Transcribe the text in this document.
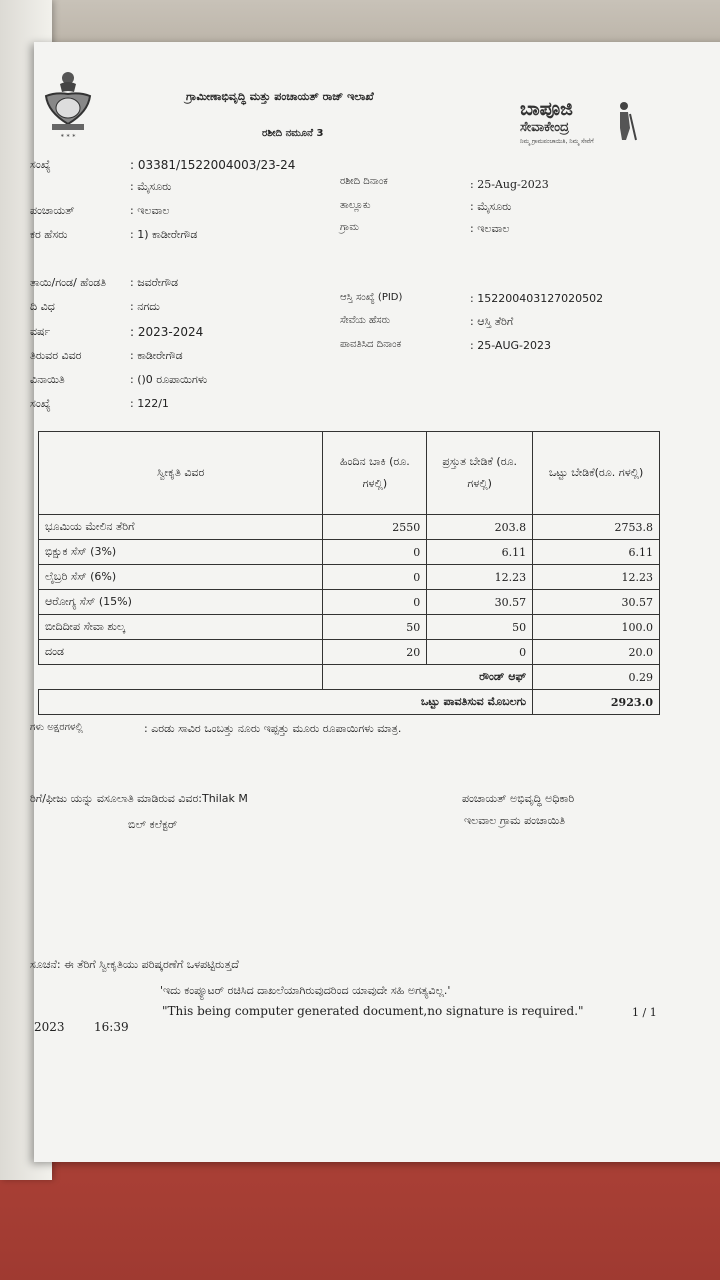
∗ ∗ ∗
ಗ್ರಾಮೀಣಾಭಿವೃದ್ಧಿ ಮತ್ತು ಪಂಚಾಯತ್ ರಾಜ್ ಇಲಾಖೆ
ರಶೀದಿ ನಮೂನೆ 3
ಬಾಪೂಜಿ
ಸೇವಾಕೇಂದ್ರ
ನಿಮ್ಮ ಗ್ರಾಮಪಂಚಾಯಿತಿ, ನಿಮ್ಮ ಸೇವೆಗೆ
ಸಂಖ್ಯೆ	: 03381/1522004003/23-24
: ಮೈಸೂರು
ಪಂಚಾಯತ್	: ಇಲವಾಲ
ಕರ ಹೆಸರು	: 1) ಕಾಡೀರೇಗೌಡ
ತಾಯಿ/ಗಂಡ/ ಹೆಂಡತಿ : ಜವರೇಗೌಡ
ದಿ ವಿಧ	: ನಗದು
ವರ್ಷ	: 2023-2024
ತಿರುವರ ವಿವರ	: ಕಾಡೀರೇಗೌಡ
ವಿನಾಯಿತಿ	: ()0 ರೂಪಾಯಿಗಳು
ಸಂಖ್ಯೆ	: 122/1
ರಶೀದಿ ದಿನಾಂಕ	: 25-Aug-2023
ತಾಲ್ಲೂಕು	: ಮೈಸೂರು
ಗ್ರಾಮ	: ಇಲವಾಲ
ಆಸ್ತಿ ಸಂಖ್ಯೆ (PID)	: 152200403127020502
ಸೇವೆಯ ಹೆಸರು	: ಆಸ್ತಿ ತೆರಿಗೆ
ಪಾವತಿಸಿದ ದಿನಾಂಕ	: 25-AUG-2023
ಸ್ವೀಕೃತಿ ವಿವರ	ಹಿಂದಿನ ಬಾಕಿ (ರೂ. ಗಳಲ್ಲಿ)	ಪ್ರಸ್ತುತ ಬೇಡಿಕೆ (ರೂ. ಗಳಲ್ಲಿ)	ಒಟ್ಟು ಬೇಡಿಕೆ(ರೂ. ಗಳಲ್ಲಿ)
ಭೂಮಿಯ ಮೇಲಿನ ತೆರಿಗೆ	2550	203.8	2753.8
ಭಿಕ್ಷುಕ ಸೆಸ್ (3%)	0	6.11	6.11
ಲೈಬ್ರರಿ ಸೆಸ್ (6%)	0	12.23	12.23
ಆರೋಗ್ಯ ಸೆಸ್ (15%)	0	30.57	30.57
ಬೀದಿದೀಪ ಸೇವಾ ಶುಲ್ಕ	50	50	100.0
ದಂಡ	20	0	20.0
	ರೌಂಡ್ ಆಫ್		0.29
ಒಟ್ಟು ಪಾವತಿಸುವ ಮೊಬಲಗು			2923.0
ಗಳು ಅಕ್ಷರಗಳಲ್ಲಿ	: ಎರಡು ಸಾವಿರ ಒಂಬತ್ತು ನೂರು ಇಪ್ಪತ್ತು ಮೂರು ರೂಪಾಯಿಗಳು ಮಾತ್ರ.
ರಿಗೆ/ಫೀಜು ಯನ್ನು ವಸೂಲಾತಿ ಮಾಡಿರುವ ವಿವರ:Thilak M
ಬಿಲ್ ಕಲೆಕ್ಟರ್
ಪಂಚಾಯತ್ ಅಭಿವೃದ್ಧಿ ಅಧಿಕಾರಿ
ಇಲವಾಲ ಗ್ರಾಮ ಪಂಚಾಯಿತಿ
ಸೂಚನೆ: ಈ ತೆರಿಗೆ ಸ್ವೀಕೃತಿಯು ಪರಿಷ್ಕರಣೆಗೆ ಒಳಪಟ್ಟಿರುತ್ತದೆ
'ಇದು ಕಂಪ್ಯೂಟರ್ ರಚಿಸಿದ ದಾಖಲೆಯಾಗಿರುವುದರಿಂದ ಯಾವುದೇ ಸಹಿ ಅಗತ್ಯವಿಲ್ಲ.'
"This being computer generated document,no signature is required."	1 / 1
2023 16:39
